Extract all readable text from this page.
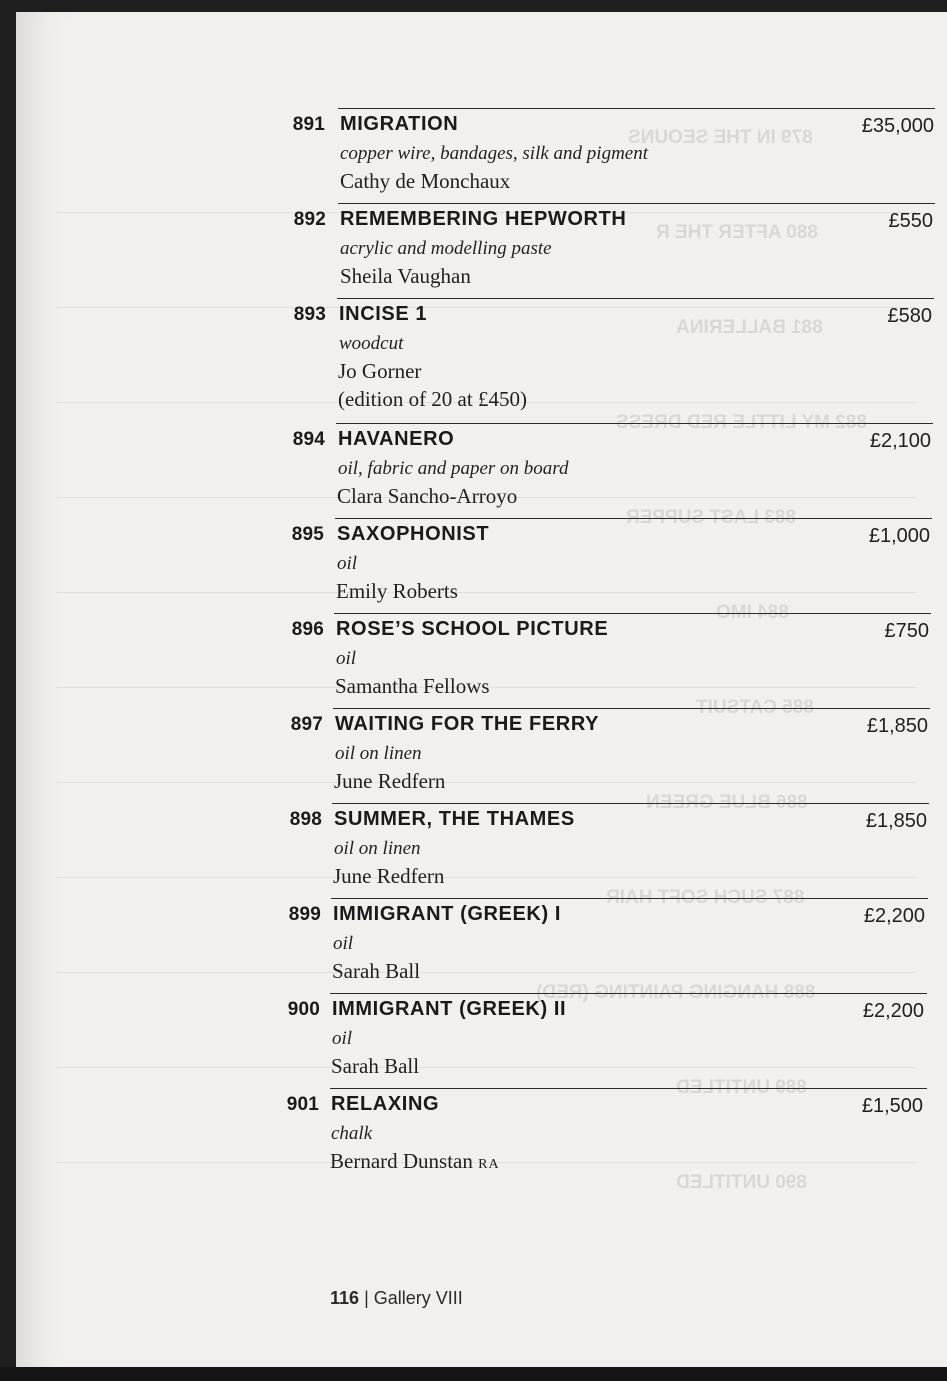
879 IN THE SEOUNS
880 AFTER THE R
881 BALLERINA
882 MY LITTLE RED DRESS
883 LAST SUPPER
884 IMO
885 CATSUIT
886 BLUE GREEN
887 SUCH SOFT HAIR
888 HANGING PAINTING (RED)
889 UNTITLED
890 UNTITLED
891 MIGRATION	£35,000
copper wire, bandages, silk and pigment
Cathy de Monchaux
892 REMEMBERING HEPWORTH	£550
acrylic and modelling paste
Sheila Vaughan
893 INCISE 1	£580
woodcut
Jo Gorner
(edition of 20 at £450)
894 HAVANERO	£2,100
oil, fabric and paper on board
Clara Sancho-Arroyo
895 SAXOPHONIST	£1,000
oil
Emily Roberts
896 ROSE’S SCHOOL PICTURE	£750
oil
Samantha Fellows
897 WAITING FOR THE FERRY	£1,850
oil on linen
June Redfern
898 SUMMER, THE THAMES	£1,850
oil on linen
June Redfern
899 IMMIGRANT (GREEK) I	£2,200
oil
Sarah Ball
900 IMMIGRANT (GREEK) II	£2,200
oil
Sarah Ball
901 RELAXING	£1,500
chalk
Bernard Dunstan RA
116 | Gallery VIII
